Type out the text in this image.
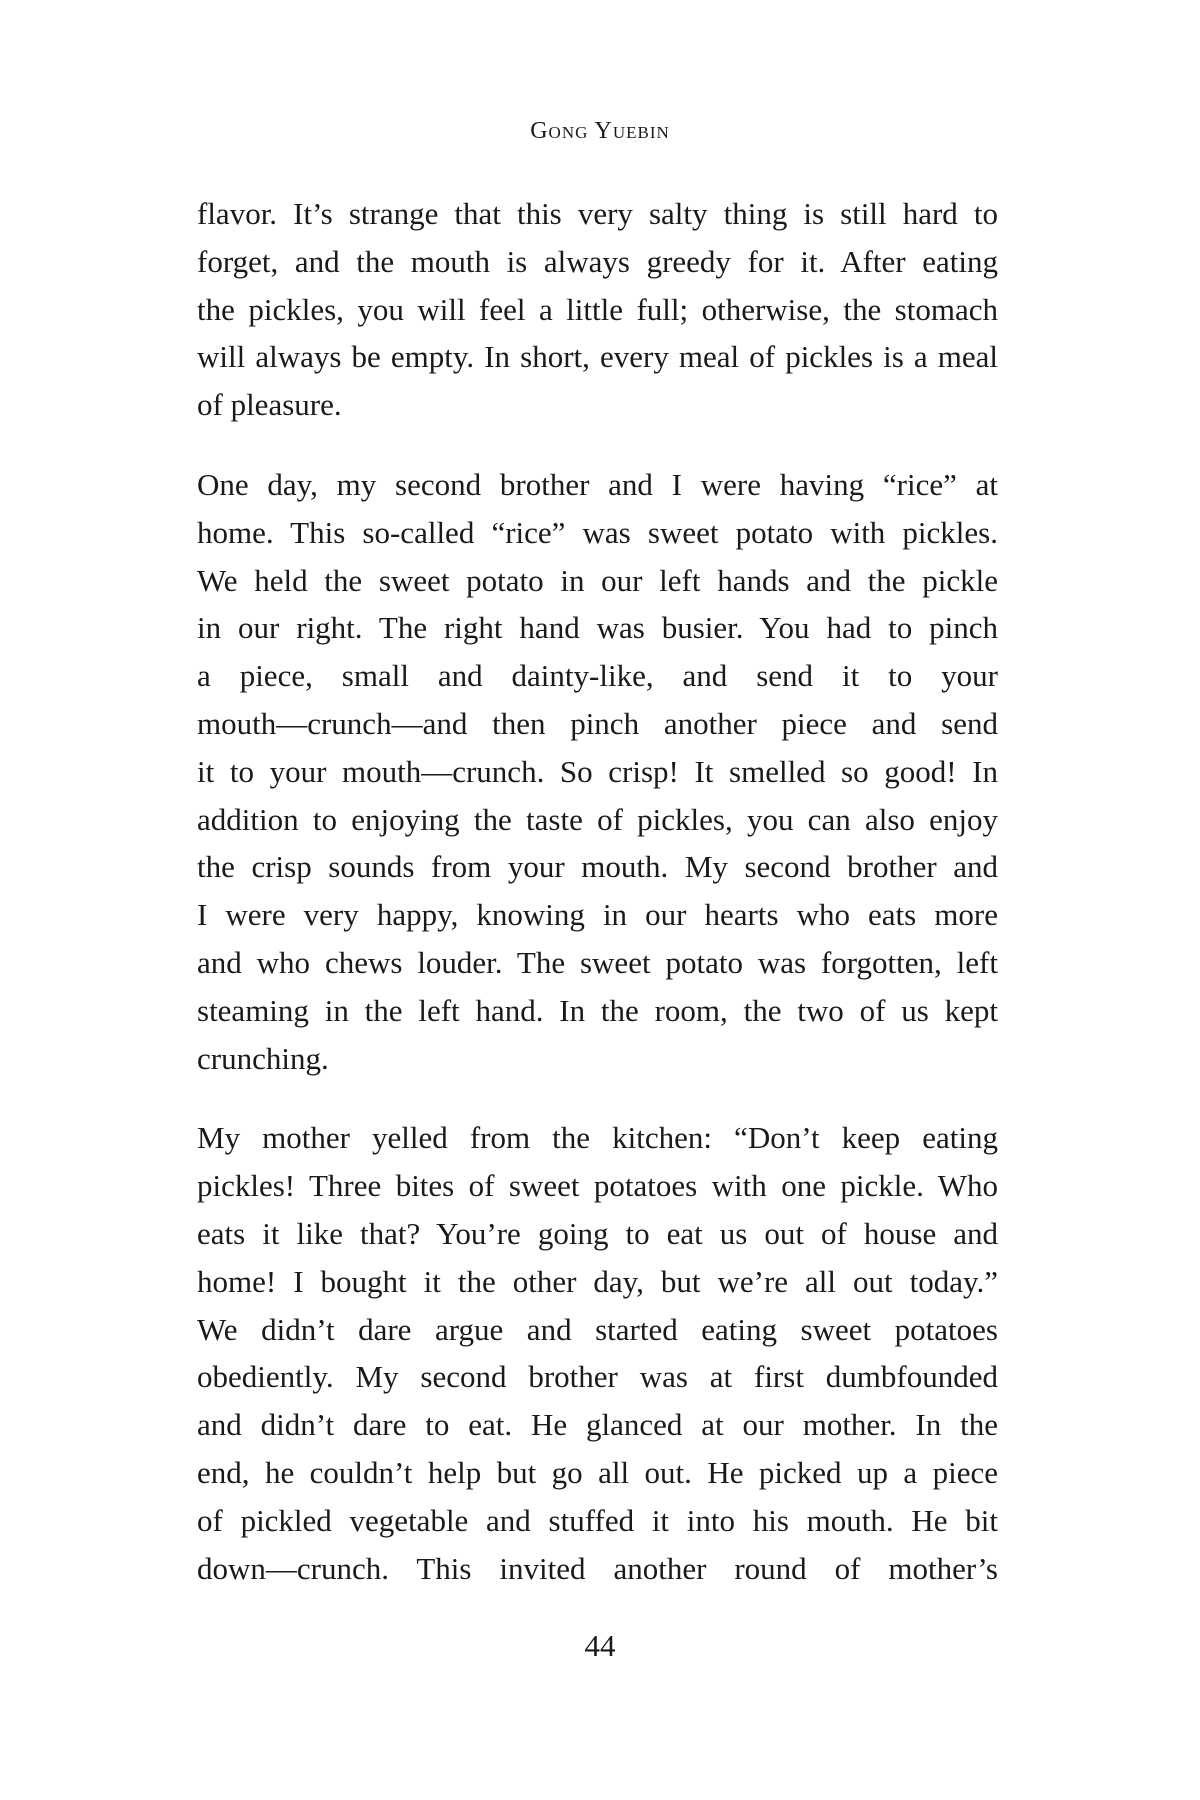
Gong Yuebin
flavor. It’s strange that this very salty thing is still hard to
forget, and the mouth is always greedy for it. After eating
the pickles, you will feel a little full; otherwise, the stomach
will always be empty. In short, every meal of pickles is a meal
of pleasure.
One day, my second brother and I were having “rice” at
home. This so-called “rice” was sweet potato with pickles.
We held the sweet potato in our left hands and the pickle
in our right. The right hand was busier. You had to pinch
a piece, small and dainty-like, and send it to your
mouth—crunch—and then pinch another piece and send
it to your mouth—crunch. So crisp! It smelled so good! In
addition to enjoying the taste of pickles, you can also enjoy
the crisp sounds from your mouth. My second brother and
I were very happy, knowing in our hearts who eats more
and who chews louder. The sweet potato was forgotten, left
steaming in the left hand. In the room, the two of us kept
crunching.
My mother yelled from the kitchen: “Don’t keep eating
pickles! Three bites of sweet potatoes with one pickle. Who
eats it like that? You’re going to eat us out of house and
home! I bought it the other day, but we’re all out today.”
We didn’t dare argue and started eating sweet potatoes
obediently. My second brother was at first dumbfounded
and didn’t dare to eat. He glanced at our mother. In the
end, he couldn’t help but go all out. He picked up a piece
of pickled vegetable and stuffed it into his mouth. He bit
down—crunch. This invited another round of mother’s
44
